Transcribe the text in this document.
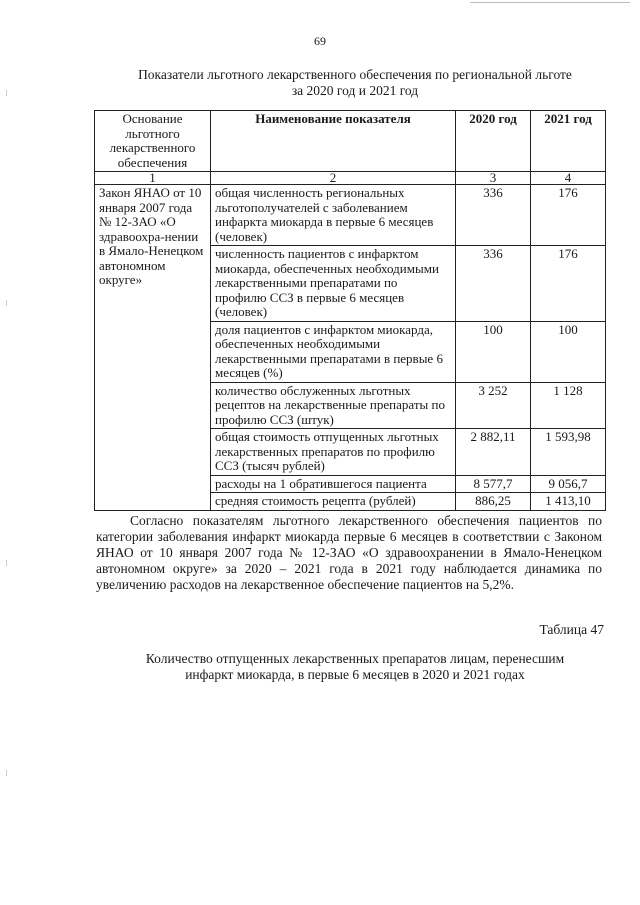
69
Показатели льготного лекарственного обеспечения по региональной льготе
за 2020 год и 2021 год
Основание льготного лекарственного обеспечения	Наименование показателя	2020 год	2021 год
1	2	3	4
Закон ЯНАО от 10 января 2007 года № 12-ЗАО «О здравоохра-нении в Ямало-Ненецком автономном округе»	общая численность региональных льготополучателей с заболеванием инфаркта миокарда в первые 6 месяцев (человек)	336	176
	численность пациентов с инфарктом миокарда, обеспеченных необходимыми лекарственными препаратами по профилю ССЗ в первые 6 месяцев (человек)	336	176
	доля пациентов с инфарктом миокарда, обеспеченных необходимыми лекарственными препаратами в первые 6 месяцев (%)	100	100
	количество обслуженных льготных рецептов на лекарственные препараты по профилю ССЗ (штук)	3 252	1 128
	общая стоимость отпущенных льготных лекарственных препаратов по профилю ССЗ (тысяч рублей)	2 882,11	1 593,98
	расходы на 1 обратившегося пациента	8 577,7	9 056,7
	средняя стоимость рецепта (рублей)	886,25	1 413,10
Согласно показателям льготного лекарственного обеспечения пациентов по категории заболевания инфаркт миокарда первые 6 месяцев в соответствии с Законом ЯНАО от 10 января 2007 года № 12-ЗАО «О здравоохранении в Ямало-Ненецком автономном округе» за 2020 – 2021 года в 2021 году наблюдается динамика по увеличению расходов на лекарственное обеспечение пациентов на 5,2%.
Таблица 47
Количество отпущенных лекарственных препаратов лицам, перенесшим
инфаркт миокарда, в первые 6 месяцев в 2020 и 2021 годах
